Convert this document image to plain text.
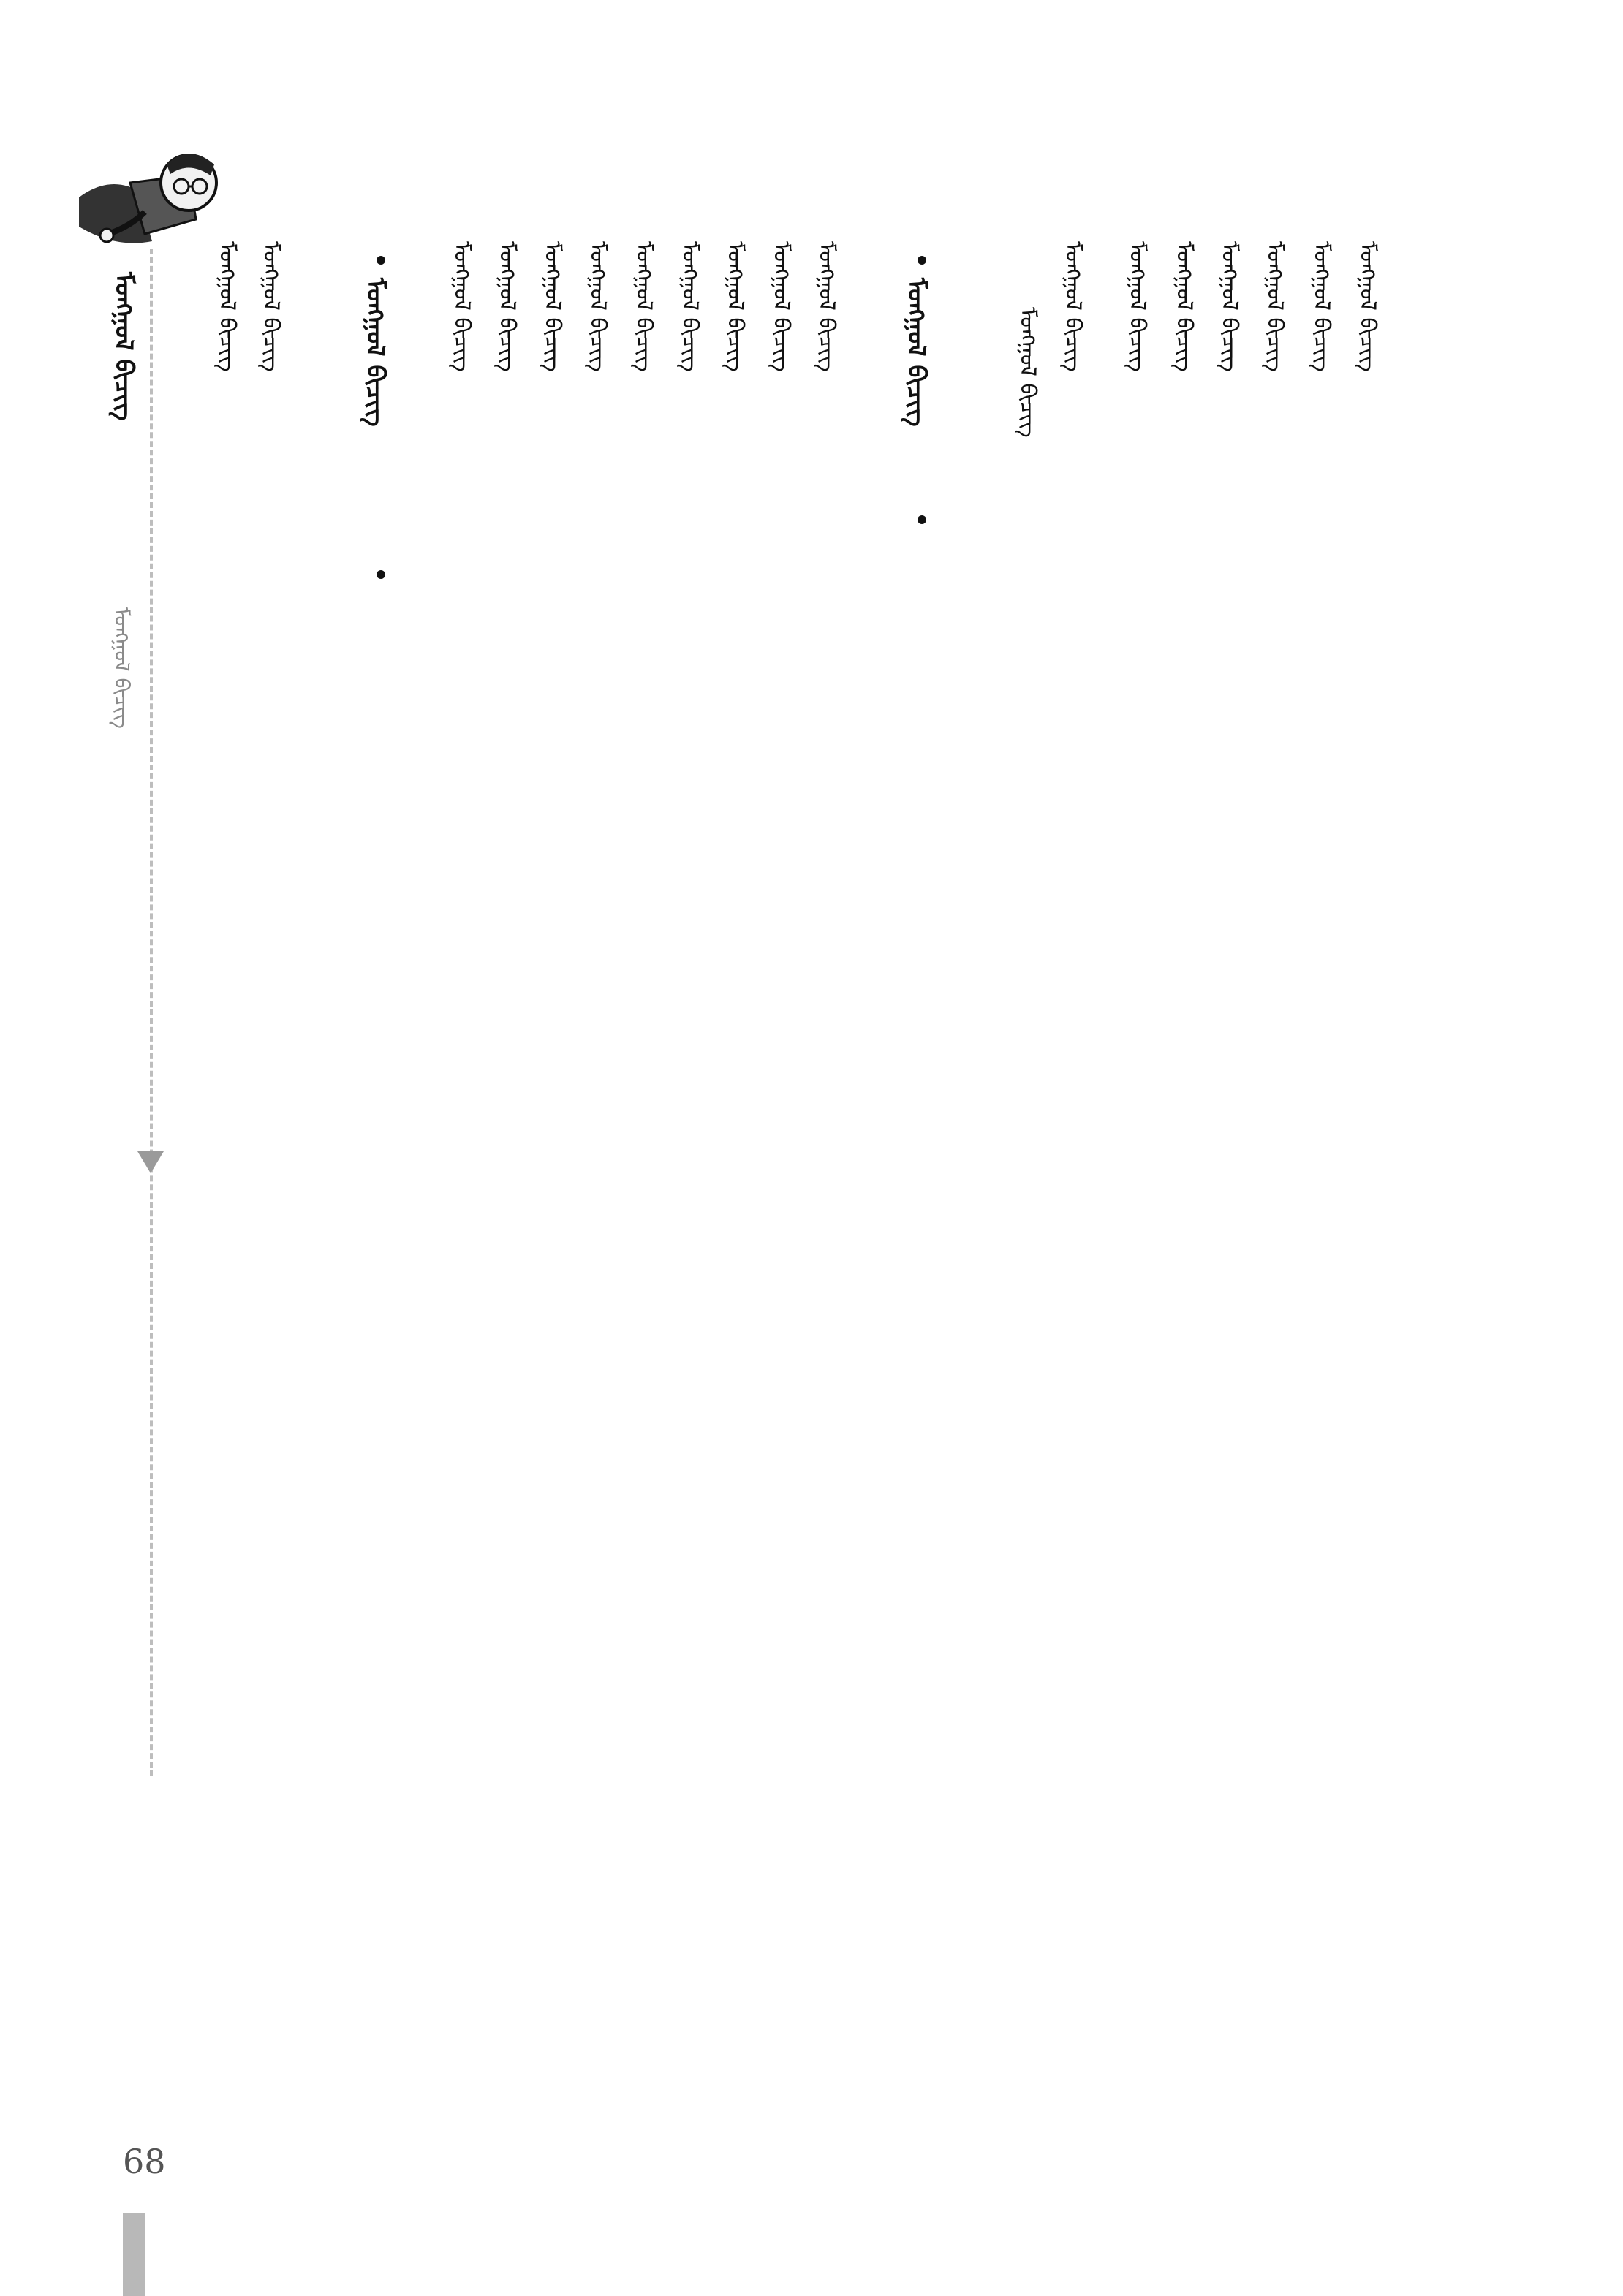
ᠮᠣᠩᠭᠣᠯ ᠪᠢᠴᠢᠭ
ᠮᠣᠩᠭᠣᠯ ᠪᠢᠴᠢᠭ
ᠮᠣᠩᠭᠣᠯ ᠪᠢᠴᠢᠭ
ᠮᠣᠩᠭᠣᠯ ᠪᠢᠴᠢᠭ
ᠮᠣᠩᠭᠣᠯ ᠪᠢᠴᠢᠭ
ᠮᠣᠩᠭᠣᠯ ᠪᠢᠴᠢᠭ
ᠮᠣᠩᠭᠣᠯ ᠪᠢᠴᠢᠭ
ᠮᠣᠩᠭᠣᠯ ᠪᠢᠴᠢᠭ
ᠮᠣᠩᠭᠣᠯ ᠪᠢᠴᠢᠭ
ᠮᠣᠩᠭᠣᠯ ᠪᠢᠴᠢᠭ
ᠮᠣᠩᠭᠣᠯ ᠪᠢᠴᠢᠭ
ᠮᠣᠩᠭᠣᠯ ᠪᠢᠴᠢᠭ
ᠮᠣᠩᠭᠣᠯ ᠪᠢᠴᠢᠭ
ᠮᠣᠩᠭᠣᠯ ᠪᠢᠴᠢᠭ
ᠮᠣᠩᠭᠣᠯ ᠪᠢᠴᠢᠭ
ᠮᠣᠩᠭᠣᠯ ᠪᠢᠴᠢᠭ
ᠮᠣᠩᠭᠣᠯ ᠪᠢᠴᠢᠭ
ᠮᠣᠩᠭᠣᠯ ᠪᠢᠴᠢᠭ
ᠮᠣᠩᠭᠣᠯ ᠪᠢᠴᠢᠭ
ᠮᠣᠩᠭᠣᠯ ᠪᠢᠴᠢᠭ
ᠮᠣᠩᠭᠣᠯ ᠪᠢᠴᠢᠭ
ᠮᠣᠩᠭᠣᠯ ᠪᠢᠴᠢᠭ
ᠮᠣᠩᠭᠣᠯ ᠪᠢᠴᠢᠭ
68
